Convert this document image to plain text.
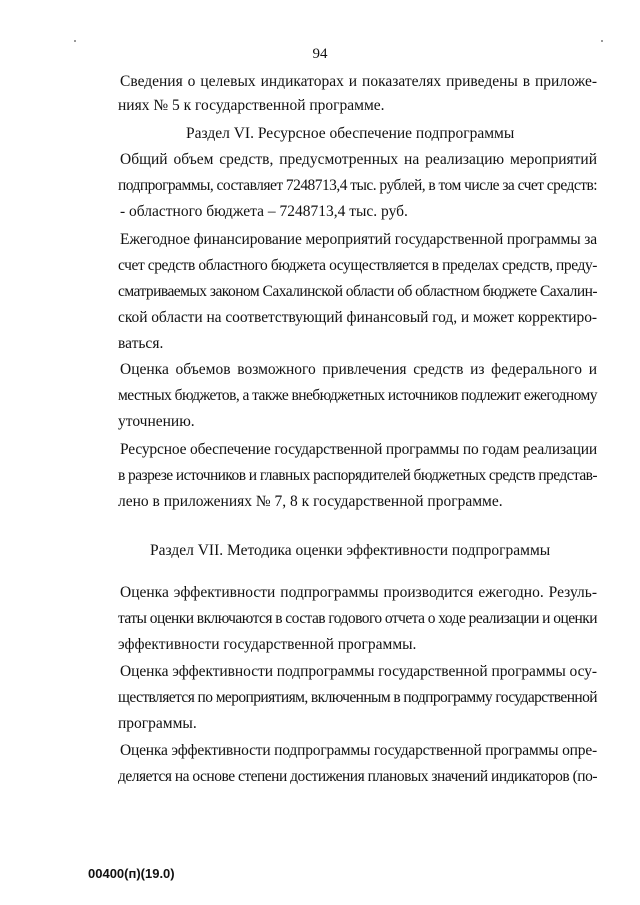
94
Сведения о целевых индикаторах и показателях приведены в приложе-
ниях № 5 к государственной программе.
Раздел VI. Ресурсное обеспечение подпрограммы
Общий объем средств, предусмотренных на реализацию мероприятий
подпрограммы, составляет 7248713,4 тыс. рублей, в том числе за счет средств:
- областного бюджета – 7248713,4 тыс. руб.
Ежегодное финансирование мероприятий государственной программы за
счет средств областного бюджета осуществляется в пределах средств, преду-
сматриваемых законом Сахалинской области об областном бюджете Сахалин-
ской области на соответствующий финансовый год, и может корректиро-
ваться.
Оценка объемов возможного привлечения средств из федерального и
местных бюджетов, а также внебюджетных источников подлежит ежегодному
уточнению.
Ресурсное обеспечение государственной программы по годам реализации
в разрезе источников и главных распорядителей бюджетных средств представ-
лено в приложениях № 7, 8 к государственной программе.
Раздел VII. Методика оценки эффективности подпрограммы
Оценка эффективности подпрограммы производится ежегодно. Резуль-
таты оценки включаются в состав годового отчета о ходе реализации и оценки
эффективности государственной программы.
Оценка эффективности подпрограммы государственной программы осу-
ществляется по мероприятиям, включенным в подпрограмму государственной
программы.
Оценка эффективности подпрограммы государственной программы опре-
деляется на основе степени достижения плановых значений индикаторов (по-
00400(п)(19.0)
